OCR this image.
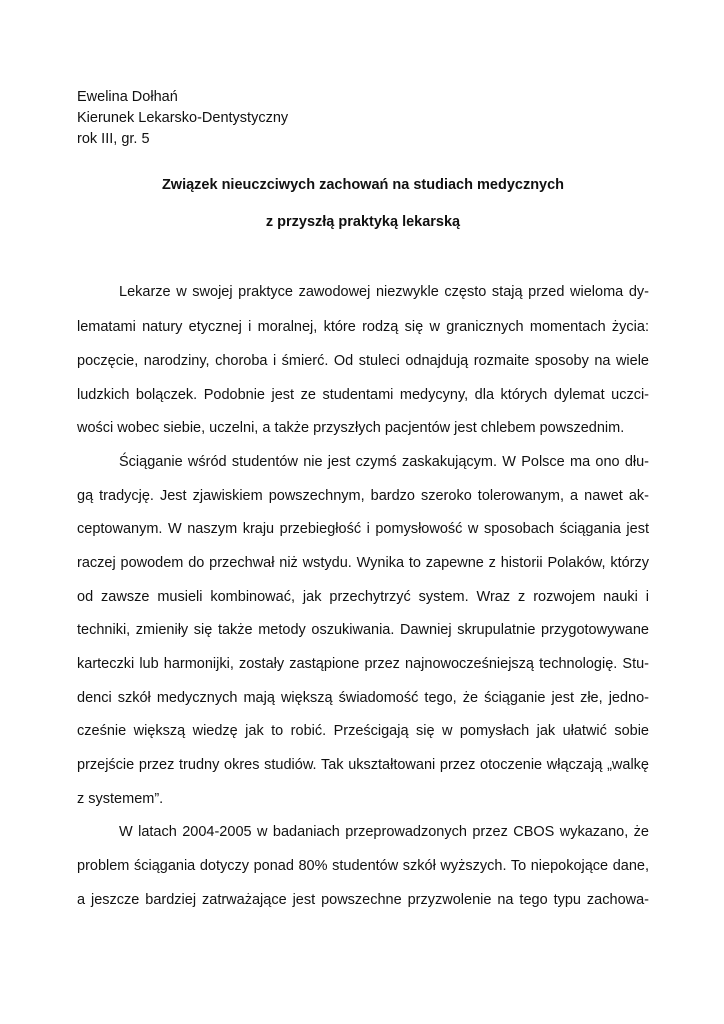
Ewelina Dołhań
Kierunek Lekarsko-Dentystyczny
rok III, gr. 5
Związek nieuczciwych zachowań na studiach medycznych
z przyszłą praktyką lekarską
Lekarze w swojej praktyce zawodowej niezwykle często stają przed wieloma dy-
lematami natury etycznej i moralnej, które rodzą się w granicznych momentach życia:
poczęcie, narodziny, choroba i śmierć. Od stuleci odnajdują rozmaite sposoby na wiele
ludzkich bolączek. Podobnie jest ze studentami medycyny, dla których dylemat uczci-
wości wobec siebie, uczelni, a także przyszłych pacjentów jest chlebem powszednim.
Ściąganie wśród studentów nie jest czymś zaskakującym. W Polsce ma ono dłu-
gą tradycję. Jest zjawiskiem powszechnym, bardzo szeroko tolerowanym, a nawet ak-
ceptowanym. W naszym kraju przebiegłość i pomysłowość w sposobach ściągania jest
raczej powodem do przechwał niż wstydu. Wynika to zapewne z historii Polaków, którzy
od zawsze musieli kombinować, jak przechytrzyć system. Wraz z rozwojem nauki i
techniki, zmieniły się także metody oszukiwania. Dawniej skrupulatnie przygotowywane
karteczki lub harmonijki, zostały zastąpione przez najnowocześniejszą technologię. Stu-
denci szkół medycznych mają większą świadomość tego, że ściąganie jest złe, jedno-
cześnie większą wiedzę jak to robić. Prześcigają się w pomysłach jak ułatwić sobie
przejście przez trudny okres studiów. Tak ukształtowani przez otoczenie włączają „walkę
z systemem”.
W latach 2004-2005 w badaniach przeprowadzonych przez CBOS wykazano, że
problem ściągania dotyczy ponad 80% studentów szkół wyższych. To niepokojące dane,
a jeszcze bardziej zatrważające jest powszechne przyzwolenie na tego typu zachowa-
